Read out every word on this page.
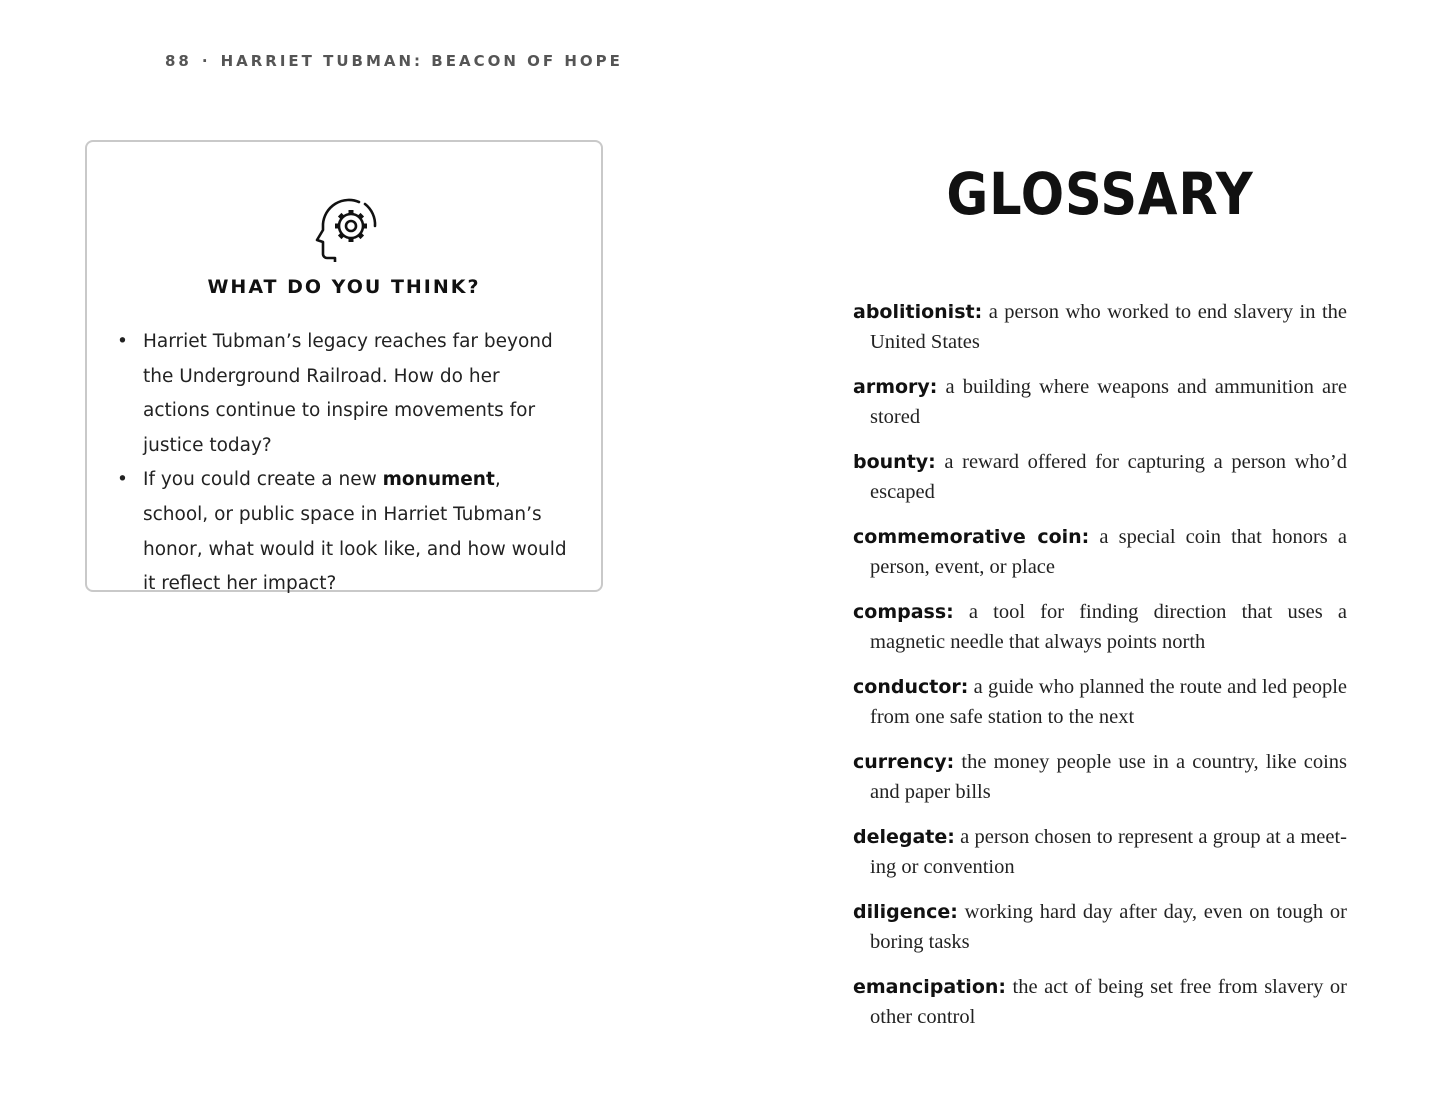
88 · HARRIET TUBMAN: BEACON OF HOPE
WHAT DO YOU THINK?
• Harriet Tubman’s legacy reaches far beyond the Underground Railroad. How do her actions continue to inspire movements for justice today?
• If you could create a new monument, school, or public space in Harriet Tubman’s honor, what would it look like, and how would it reflect her impact?
GLOSSARY
abolitionist: a person who worked to end slavery in the United States
armory: a building where weapons and ammunition are stored
bounty: a reward offered for capturing a person who’d escaped
commemorative coin: a special coin that honors a person, event, or place
compass: a tool for finding direction that uses a magnetic needle that always points north
conductor: a guide who planned the route and led people from one safe station to the next
currency: the money people use in a country, like coins and paper bills
delegate: a person chosen to represent a group at a meet- ing or convention
diligence: working hard day after day, even on tough or boring tasks
emancipation: the act of being set free from slavery or other control
